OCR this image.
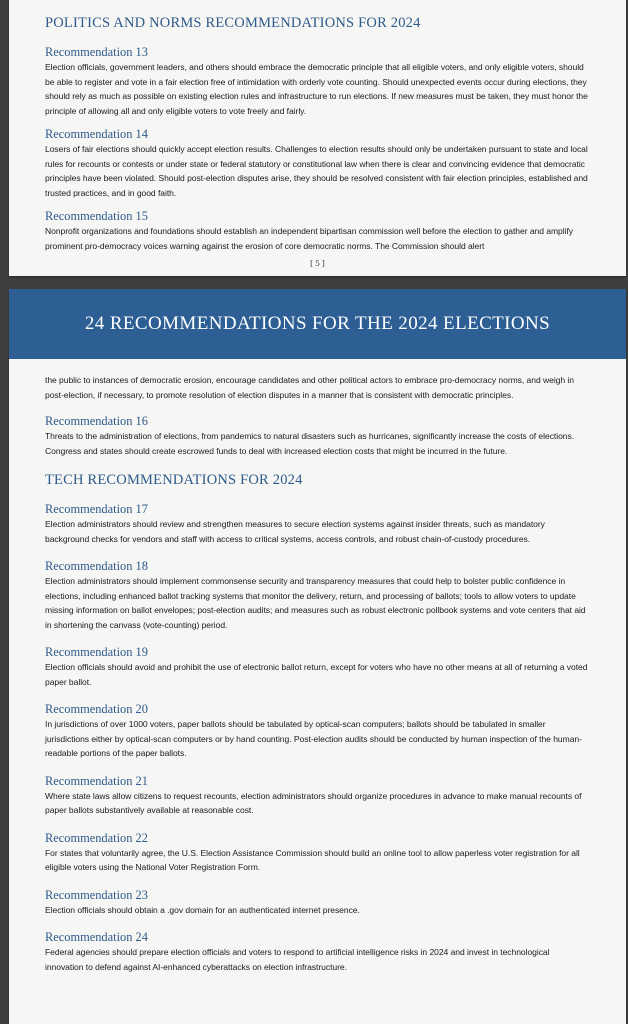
POLITICS AND NORMS RECOMMENDATIONS FOR 2024
Recommendation 13
Election officials, government leaders, and others should embrace the democratic principle that all eligible voters, and only eligible voters, should be able to register and vote in a fair election free of intimidation with orderly vote counting. Should unexpected events occur during elections, they should rely as much as possible on existing election rules and infrastructure to run elections. If new measures must be taken, they must honor the principle of allowing all and only eligible voters to vote freely and fairly.
Recommendation 14
Losers of fair elections should quickly accept election results. Challenges to election results should only be undertaken pursuant to state and local rules for recounts or contests or under state or federal statutory or constitutional law when there is clear and convincing evidence that democratic principles have been violated. Should post-election disputes arise, they should be resolved consistent with fair election principles, established and trusted practices, and in good faith.
Recommendation 15
Nonprofit organizations and foundations should establish an independent bipartisan commission well before the election to gather and amplify prominent pro-democracy voices warning against the erosion of core democratic norms. The Commission should alert
[ 5 ]
24 RECOMMENDATIONS FOR THE 2024 ELECTIONS
the public to instances of democratic erosion, encourage candidates and other political actors to embrace pro-democracy norms, and weigh in post-election, if necessary, to promote resolution of election disputes in a manner that is consistent with democratic principles.
Recommendation 16
Threats to the administration of elections, from pandemics to natural disasters such as hurricanes, significantly increase the costs of elections. Congress and states should create escrowed funds to deal with increased election costs that might be incurred in the future.
TECH RECOMMENDATIONS FOR 2024
Recommendation 17
Election administrators should review and strengthen measures to secure election systems against insider threats, such as mandatory background checks for vendors and staff with access to critical systems, access controls, and robust chain-of-custody procedures.
Recommendation 18
Election administrators should implement commonsense security and transparency measures that could help to bolster public confidence in elections, including enhanced ballot tracking systems that monitor the delivery, return, and processing of ballots; tools to allow voters to update missing information on ballot envelopes; post-election audits; and measures such as robust electronic pollbook systems and vote centers that aid in shortening the canvass (vote-counting) period.
Recommendation 19
Election officials should avoid and prohibit the use of electronic ballot return, except for voters who have no other means at all of returning a voted paper ballot.
Recommendation 20
In jurisdictions of over 1000 voters, paper ballots should be tabulated by optical-scan computers; ballots should be tabulated in smaller jurisdictions either by optical-scan computers or by hand counting. Post-election audits should be conducted by human inspection of the human-readable portions of the paper ballots.
Recommendation 21
Where state laws allow citizens to request recounts, election administrators should organize procedures in advance to make manual recounts of paper ballots substantively available at reasonable cost.
Recommendation 22
For states that voluntarily agree, the U.S. Election Assistance Commission should build an online tool to allow paperless voter registration for all eligible voters using the National Voter Registration Form.
Recommendation 23
Election officials should obtain a .gov domain for an authenticated internet presence.
Recommendation 24
Federal agencies should prepare election officials and voters to respond to artificial intelligence risks in 2024 and invest in technological innovation to defend against AI-enhanced cyberattacks on election infrastructure.
